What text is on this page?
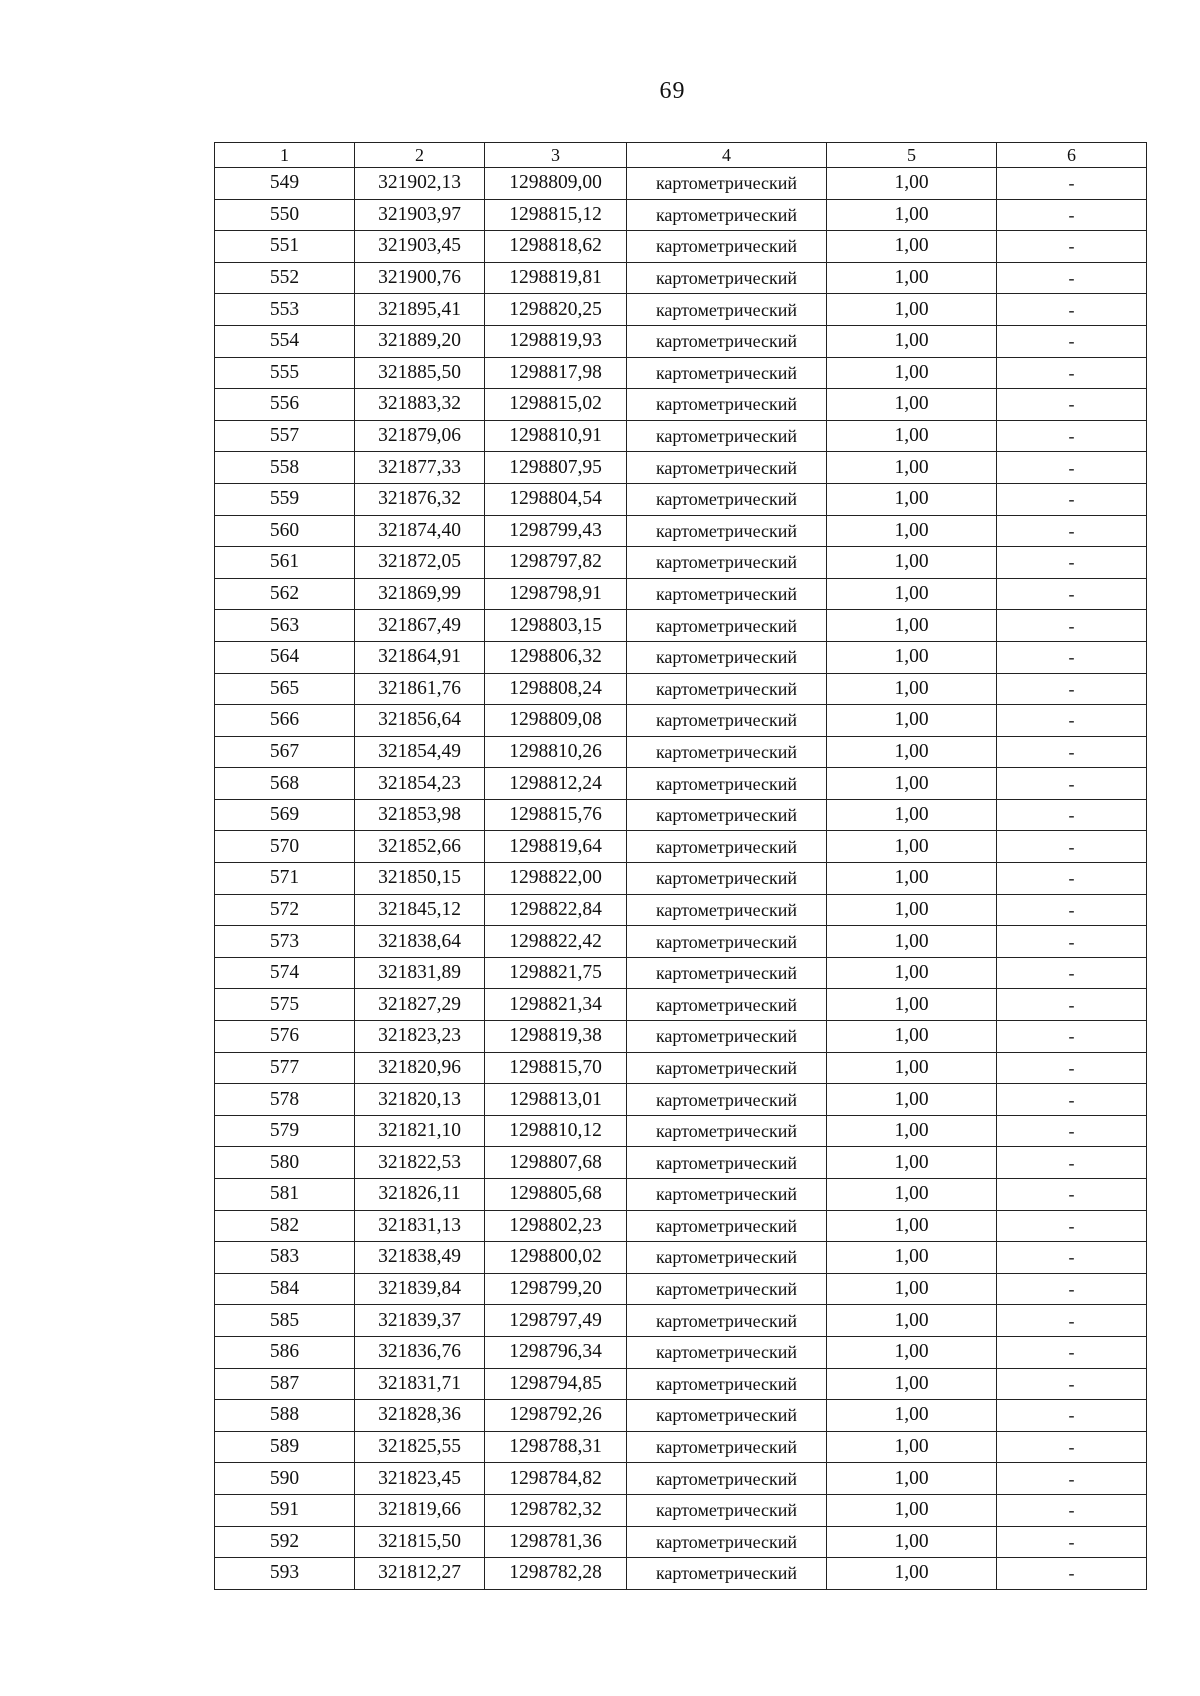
69
1	2	3	4	5	6
549	321902,13	1298809,00	картометрический	1,00	-
550	321903,97	1298815,12	картометрический	1,00	-
551	321903,45	1298818,62	картометрический	1,00	-
552	321900,76	1298819,81	картометрический	1,00	-
553	321895,41	1298820,25	картометрический	1,00	-
554	321889,20	1298819,93	картометрический	1,00	-
555	321885,50	1298817,98	картометрический	1,00	-
556	321883,32	1298815,02	картометрический	1,00	-
557	321879,06	1298810,91	картометрический	1,00	-
558	321877,33	1298807,95	картометрический	1,00	-
559	321876,32	1298804,54	картометрический	1,00	-
560	321874,40	1298799,43	картометрический	1,00	-
561	321872,05	1298797,82	картометрический	1,00	-
562	321869,99	1298798,91	картометрический	1,00	-
563	321867,49	1298803,15	картометрический	1,00	-
564	321864,91	1298806,32	картометрический	1,00	-
565	321861,76	1298808,24	картометрический	1,00	-
566	321856,64	1298809,08	картометрический	1,00	-
567	321854,49	1298810,26	картометрический	1,00	-
568	321854,23	1298812,24	картометрический	1,00	-
569	321853,98	1298815,76	картометрический	1,00	-
570	321852,66	1298819,64	картометрический	1,00	-
571	321850,15	1298822,00	картометрический	1,00	-
572	321845,12	1298822,84	картометрический	1,00	-
573	321838,64	1298822,42	картометрический	1,00	-
574	321831,89	1298821,75	картометрический	1,00	-
575	321827,29	1298821,34	картометрический	1,00	-
576	321823,23	1298819,38	картометрический	1,00	-
577	321820,96	1298815,70	картометрический	1,00	-
578	321820,13	1298813,01	картометрический	1,00	-
579	321821,10	1298810,12	картометрический	1,00	-
580	321822,53	1298807,68	картометрический	1,00	-
581	321826,11	1298805,68	картометрический	1,00	-
582	321831,13	1298802,23	картометрический	1,00	-
583	321838,49	1298800,02	картометрический	1,00	-
584	321839,84	1298799,20	картометрический	1,00	-
585	321839,37	1298797,49	картометрический	1,00	-
586	321836,76	1298796,34	картометрический	1,00	-
587	321831,71	1298794,85	картометрический	1,00	-
588	321828,36	1298792,26	картометрический	1,00	-
589	321825,55	1298788,31	картометрический	1,00	-
590	321823,45	1298784,82	картометрический	1,00	-
591	321819,66	1298782,32	картометрический	1,00	-
592	321815,50	1298781,36	картометрический	1,00	-
593	321812,27	1298782,28	картометрический	1,00	-
